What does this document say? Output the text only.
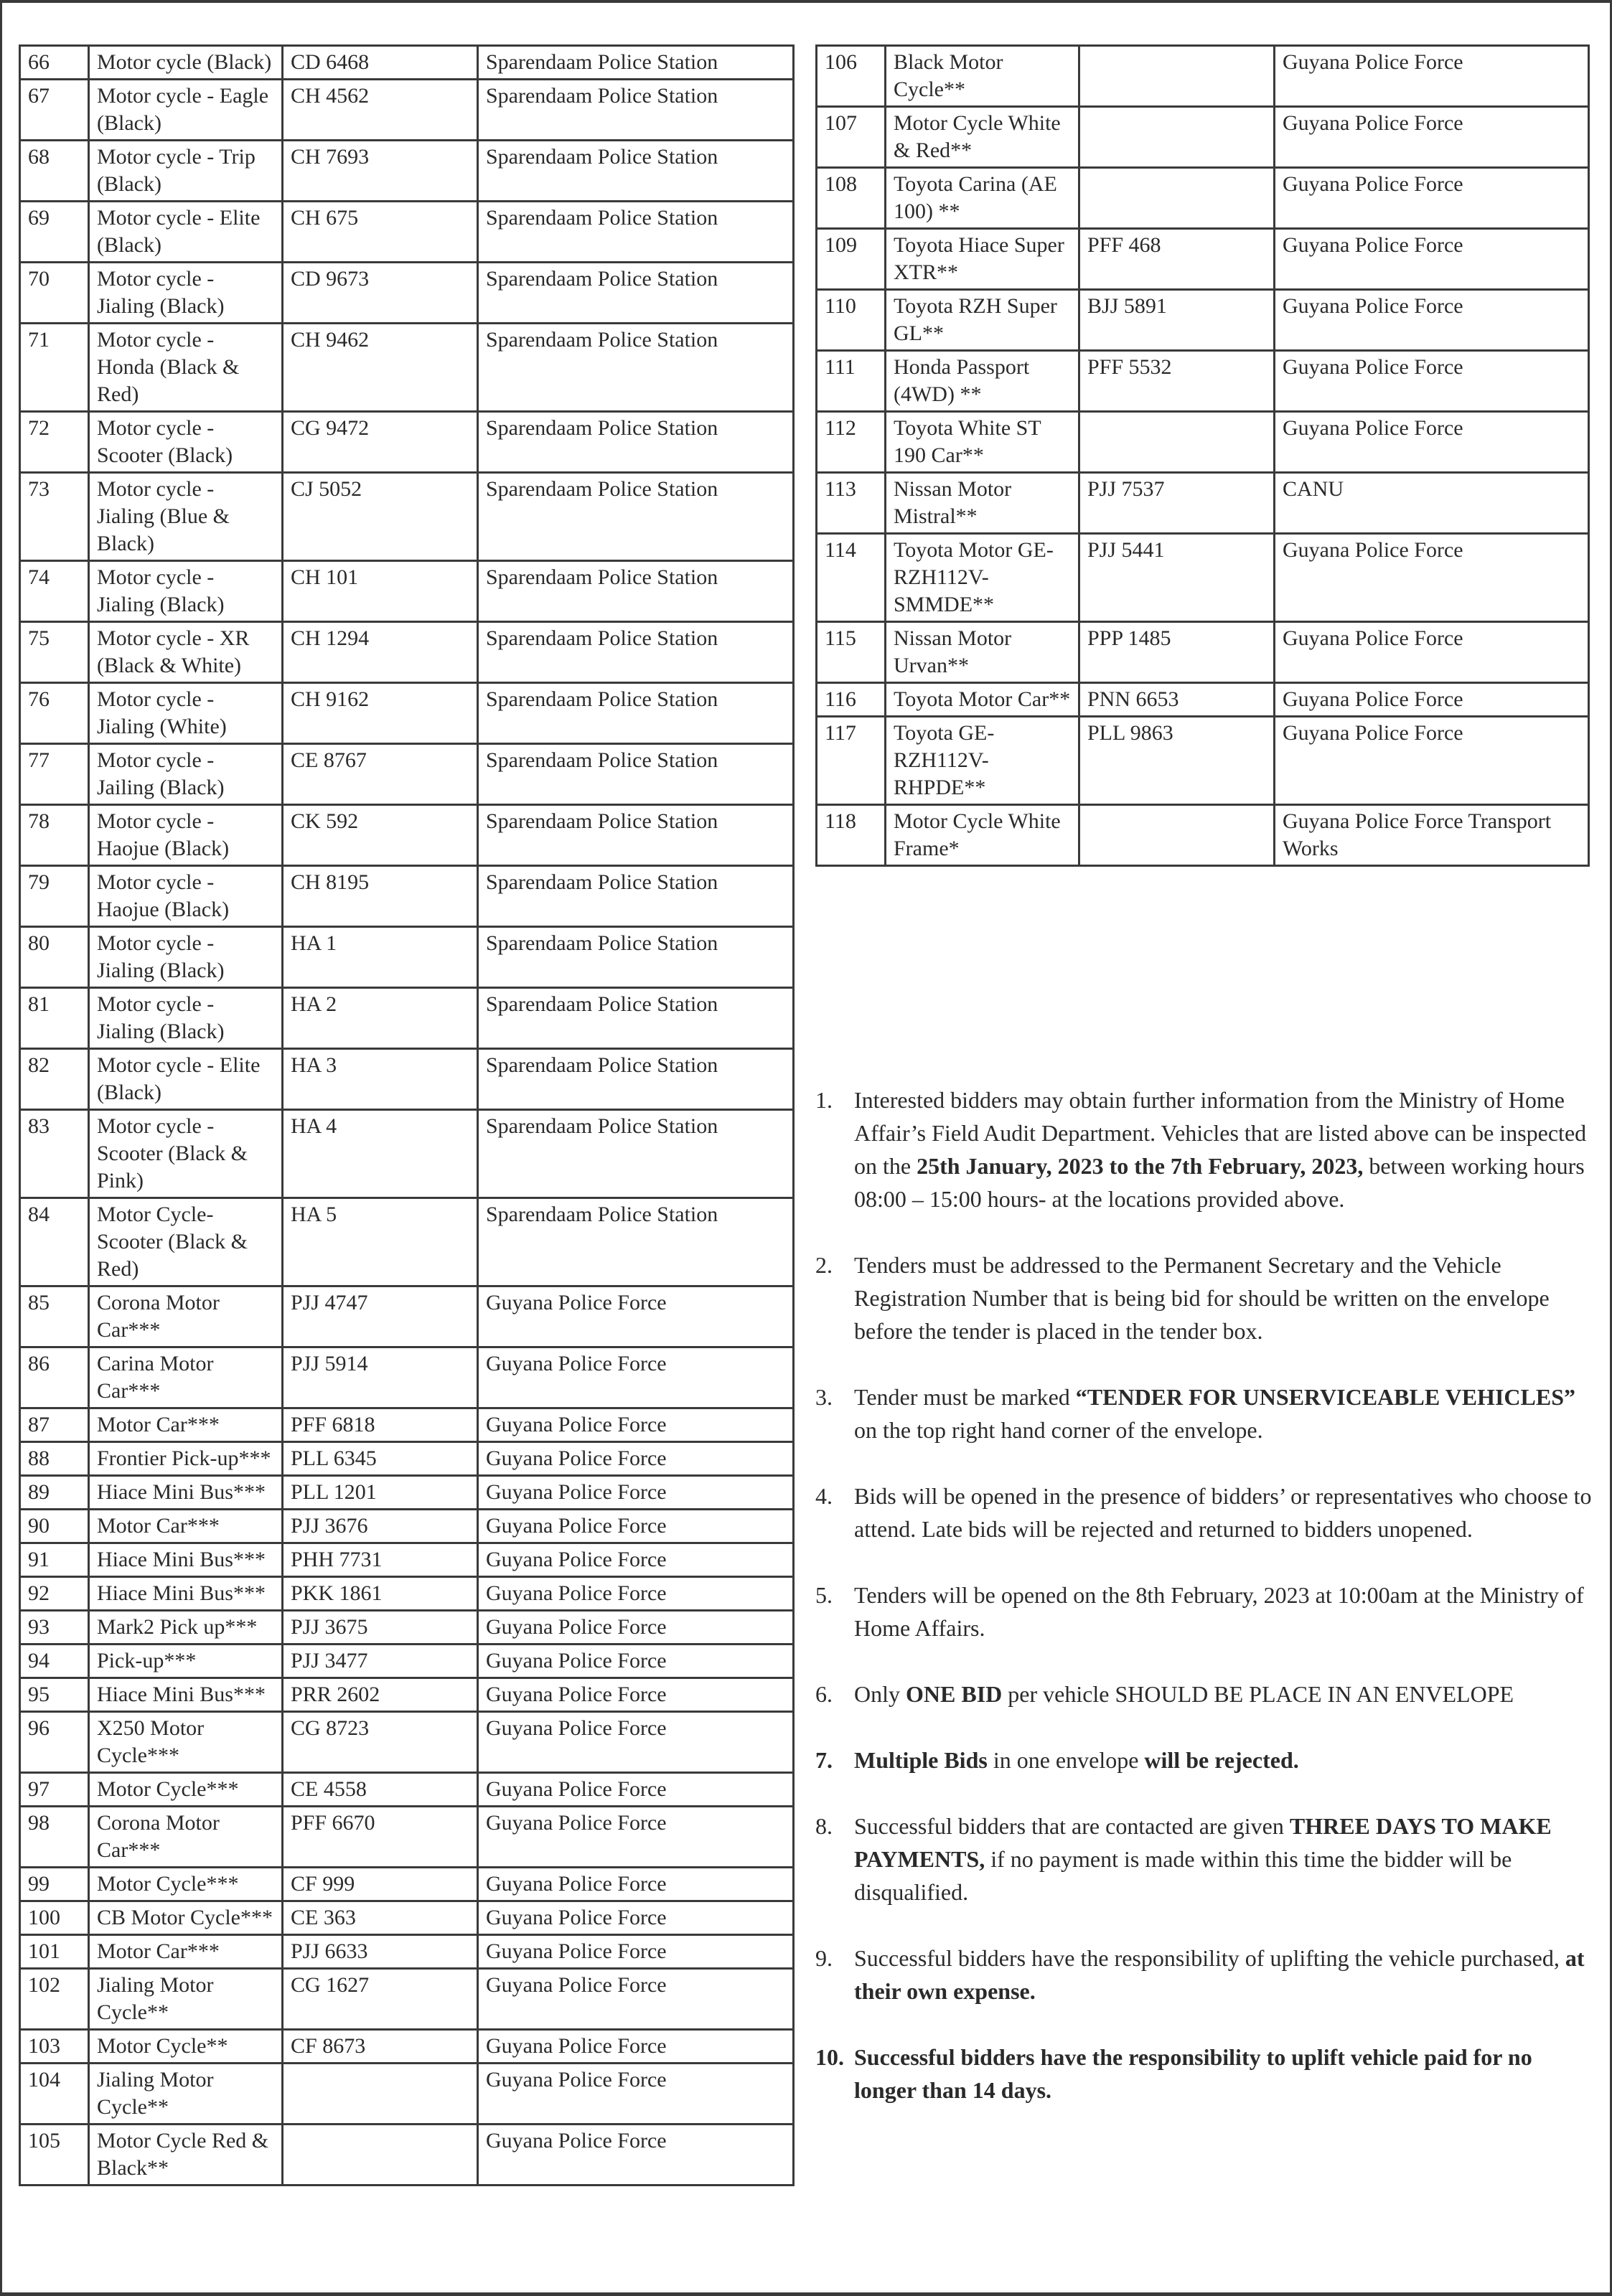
66	Motor cycle (Black)	CD 6468	Sparendaam Police Station
67	Motor cycle - Eagle (Black)	CH 4562	Sparendaam Police Station
68	Motor cycle - Trip (Black)	CH 7693	Sparendaam Police Station
69	Motor cycle - Elite (Black)	CH 675	Sparendaam Police Station
70	Motor cycle - Jialing (Black)	CD 9673	Sparendaam Police Station
71	Motor cycle - Honda (Black & Red)	CH 9462	Sparendaam Police Station
72	Motor cycle - Scooter (Black)	CG 9472	Sparendaam Police Station
73	Motor cycle - Jialing (Blue & Black)	CJ 5052	Sparendaam Police Station
74	Motor cycle - Jialing (Black)	CH 101	Sparendaam Police Station
75	Motor cycle - XR (Black & White)	CH 1294	Sparendaam Police Station
76	Motor cycle - Jialing (White)	CH 9162	Sparendaam Police Station
77	Motor cycle - Jailing (Black)	CE 8767	Sparendaam Police Station
78	Motor cycle - Haojue (Black)	CK 592	Sparendaam Police Station
79	Motor cycle - Haojue (Black)	CH 8195	Sparendaam Police Station
80	Motor cycle - Jialing (Black)	HA 1	Sparendaam Police Station
81	Motor cycle - Jialing (Black)	HA 2	Sparendaam Police Station
82	Motor cycle - Elite (Black)	HA 3	Sparendaam Police Station
83	Motor cycle - Scooter (Black & Pink)	HA 4	Sparendaam Police Station
84	Motor Cycle- Scooter (Black & Red)	HA 5	Sparendaam Police Station
85	Corona Motor Car***	PJJ 4747	Guyana Police Force
86	Carina Motor Car***	PJJ 5914	Guyana Police Force
87	Motor Car***	PFF 6818	Guyana Police Force
88	Frontier Pick-up***	PLL 6345	Guyana Police Force
89	Hiace Mini Bus***	PLL 1201	Guyana Police Force
90	Motor Car***	PJJ 3676	Guyana Police Force
91	Hiace Mini Bus***	PHH 7731	Guyana Police Force
92	Hiace Mini Bus***	PKK 1861	Guyana Police Force
93	Mark2 Pick up***	PJJ 3675	Guyana Police Force
94	Pick-up***	PJJ 3477	Guyana Police Force
95	Hiace Mini Bus***	PRR 2602	Guyana Police Force
96	X250 Motor Cycle***	CG 8723	Guyana Police Force
97	Motor Cycle***	CE 4558	Guyana Police Force
98	Corona Motor Car***	PFF 6670	Guyana Police Force
99	Motor Cycle***	CF 999	Guyana Police Force
100	CB Motor Cycle***	CE 363	Guyana Police Force
101	Motor Car***	PJJ 6633	Guyana Police Force
102	Jialing Motor Cycle**	CG 1627	Guyana Police Force
103	Motor Cycle**	CF 8673	Guyana Police Force
104	Jialing Motor Cycle**		Guyana Police Force
105	Motor Cycle Red & Black**		Guyana Police Force
106	Black Motor Cycle**		Guyana Police Force
107	Motor Cycle White & Red**		Guyana Police Force
108	Toyota Carina (AE 100) **		Guyana Police Force
109	Toyota Hiace Super XTR**	PFF 468	Guyana Police Force
110	Toyota RZH Super GL**	BJJ 5891	Guyana Police Force
111	Honda Passport (4WD) **	PFF 5532	Guyana Police Force
112	Toyota White ST 190 Car**		Guyana Police Force
113	Nissan Motor Mistral**	PJJ 7537	CANU
114	Toyota Motor GE-RZH112V-SMMDE**	PJJ 5441	Guyana Police Force
115	Nissan Motor Urvan**	PPP 1485	Guyana Police Force
116	Toyota Motor Car**	PNN 6653	Guyana Police Force
117	Toyota GE-RZH112V-RHPDE**	PLL 9863	Guyana Police Force
118	Motor Cycle White Frame*		Guyana Police Force Transport Works
1. Interested bidders may obtain further information from the Ministry of Home Affair’s Field Audit Department. Vehicles that are listed above can be inspected on the 25th January, 2023 to the 7th February, 2023, between working hours 08:00 – 15:00 hours- at the locations provided above.
2. Tenders must be addressed to the Permanent Secretary and the Vehicle Registration Number that is being bid for should be written on the envelope before the tender is placed in the tender box.
3. Tender must be marked “TENDER FOR UNSERVICEABLE VEHICLES” on the top right hand corner of the envelope.
4. Bids will be opened in the presence of bidders’ or representatives who choose to attend. Late bids will be rejected and returned to bidders unopened.
5. Tenders will be opened on the 8th February, 2023 at 10:00am at the Ministry of Home Affairs.
6. Only ONE BID per vehicle SHOULD BE PLACE IN AN ENVELOPE
7. Multiple Bids in one envelope will be rejected.
8. Successful bidders that are contacted are given THREE DAYS TO MAKE PAYMENTS, if no payment is made within this time the bidder will be disqualified.
9. Successful bidders have the responsibility of uplifting the vehicle purchased, at their own expense.
10. Successful bidders have the responsibility to uplift vehicle paid for no longer than 14 days.
